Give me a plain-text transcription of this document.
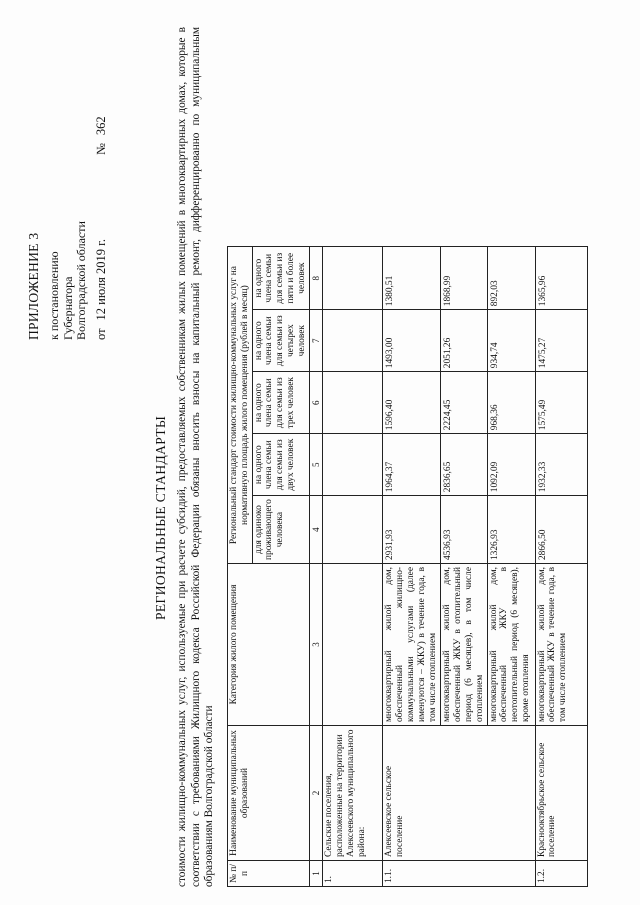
ПРИЛОЖЕНИЕ 3 к постановлению Губернатора Волгоградской области от12 июля 2019 г.
№362
РЕГИОНАЛЬНЫЕ СТАНДАРТЫ стоимости жилищно-коммунальных услуг, используемые при расчете субсидий, предоставляемых собственникам жилых помещений в многоквартирных домах, которые в соответствии с требованиями Жилищного кодекса Российской Федерации обязаны вносить взносы на капитальный ремонт, дифференцированно по муниципальным образованиям Волгоградской области № п/п	Наименование муниципальных образований	Категория жилого помещения	Региональный стандарт стоимости жилищно-коммунальных услуг на нормативную площадь жилого помещения (рублей в месяц)				
			для одиноко проживающего человека	на одного члена семьи для семьи из двух человек	на одного члена семьи для семьи из трех человек	на одного члена семьи для семьи из четырех человек	на одного члена семьи для семьи из пяти и более человек
1	2	3	4	5	6	7	8
1.	Сельские поселения, расположенные на территории Алексеевского муниципального района:						
1.1.	Алексеевское сельское поселение	многоквартирный жилой дом, обеспеченный жилищно-коммунальными услугами (далее именуются – ЖКУ) в течение года, в том числе отоплением	2931,93	1964,37	1596,40	1493,00	1380,51
		многоквартирный жилой дом, обеспеченный ЖКУ в отопительный период (6 месяцев), в том числе отоплением	4536,93	2836,65	2224,45	2051,26	1868,99
		многоквартирный жилой дом, обеспеченный ЖКУ в неотопительный период (6 месяцев), кроме отопления	1326,93	1092,09	968,36	934,74	892,03
1.2.	Краснооктябрьское сельское поселение	многоквартирный жилой дом, обеспеченный ЖКУ в течение года, в том числе отоплением	2866,50	1932,33	1575,49	1475,27	1365,96
